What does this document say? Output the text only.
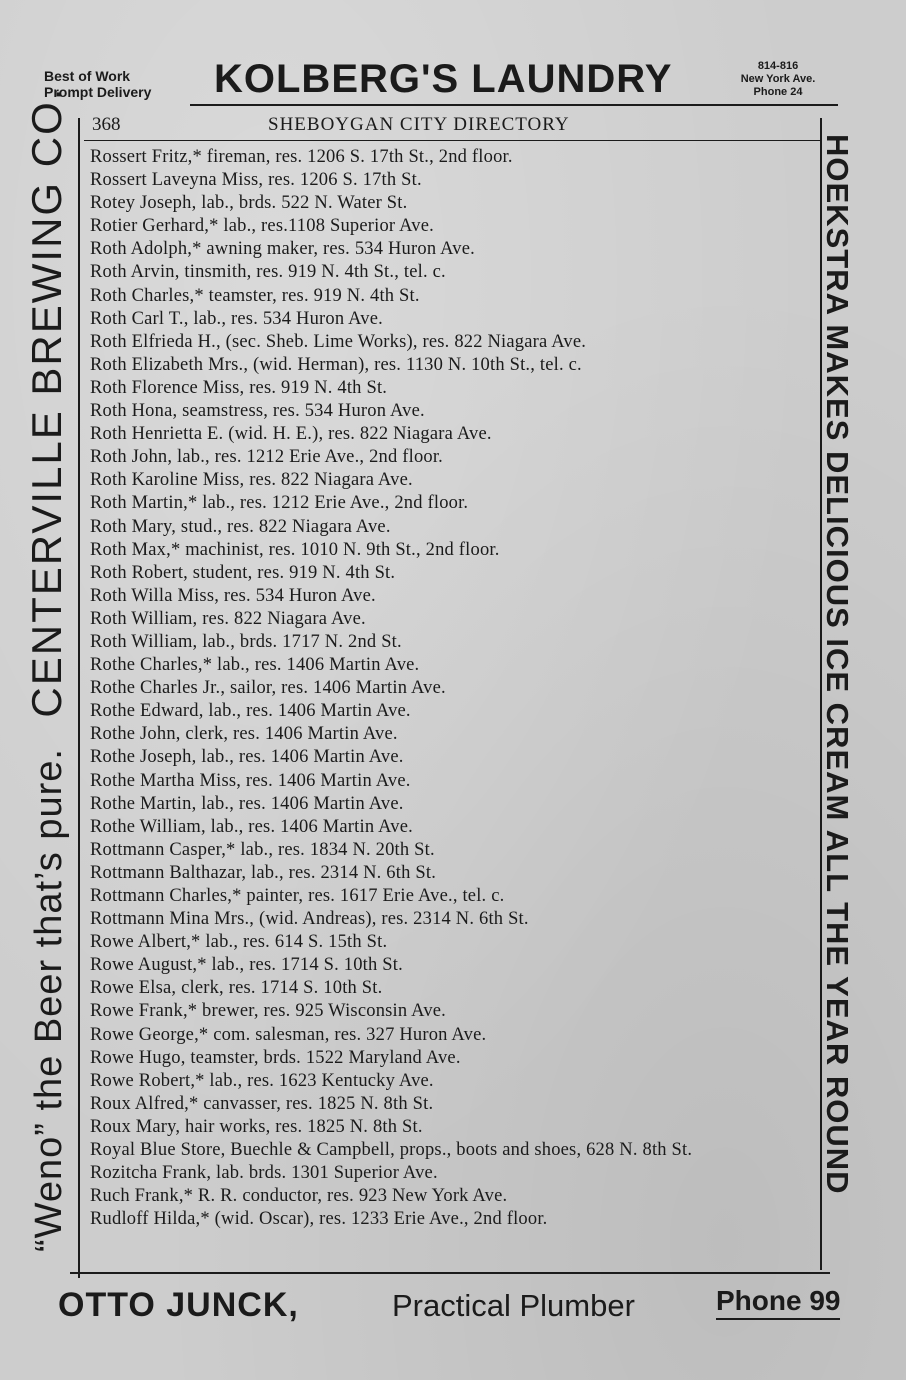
Best of Work
Prompt Delivery KOLBERG'S LAUNDRY	814-816
New York Ave.
Phone 24
368	SHEBOYGAN CITY DIRECTORY
“Weno” the Beer that’s pure. CENTERVILLE BREWING CO.	HOEKSTRA MAKES DELICIOUS ICE CREAM ALL THE YEAR ROUND
Rossert Fritz,* fireman, res. 1206 S. 17th St., 2nd floor.
Rossert Laveyna Miss, res. 1206 S. 17th St.
Rotey Joseph, lab., brds. 522 N. Water St.
Rotier Gerhard,* lab., res.1108 Superior Ave.
Roth Adolph,* awning maker, res. 534 Huron Ave.
Roth Arvin, tinsmith, res. 919 N. 4th St., tel. c.
Roth Charles,* teamster, res. 919 N. 4th St.
Roth Carl T., lab., res. 534 Huron Ave.
Roth Elfrieda H., (sec. Sheb. Lime Works), res. 822 Niagara Ave.
Roth Elizabeth Mrs., (wid. Herman), res. 1130 N. 10th St., tel. c.
Roth Florence Miss, res. 919 N. 4th St.
Roth Hona, seamstress, res. 534 Huron Ave.
Roth Henrietta E. (wid. H. E.), res. 822 Niagara Ave.
Roth John, lab., res. 1212 Erie Ave., 2nd floor.
Roth Karoline Miss, res. 822 Niagara Ave.
Roth Martin,* lab., res. 1212 Erie Ave., 2nd floor.
Roth Mary, stud., res. 822 Niagara Ave.
Roth Max,* machinist, res. 1010 N. 9th St., 2nd floor.
Roth Robert, student, res. 919 N. 4th St.
Roth Willa Miss, res. 534 Huron Ave.
Roth William, res. 822 Niagara Ave.
Roth William, lab., brds. 1717 N. 2nd St.
Rothe Charles,* lab., res. 1406 Martin Ave.
Rothe Charles Jr., sailor, res. 1406 Martin Ave.
Rothe Edward, lab., res. 1406 Martin Ave.
Rothe John, clerk, res. 1406 Martin Ave.
Rothe Joseph, lab., res. 1406 Martin Ave.
Rothe Martha Miss, res. 1406 Martin Ave.
Rothe Martin, lab., res. 1406 Martin Ave.
Rothe William, lab., res. 1406 Martin Ave.
Rottmann Casper,* lab., res. 1834 N. 20th St.
Rottmann Balthazar, lab., res. 2314 N. 6th St.
Rottmann Charles,* painter, res. 1617 Erie Ave., tel. c.
Rottmann Mina Mrs., (wid. Andreas), res. 2314 N. 6th St.
Rowe Albert,* lab., res. 614 S. 15th St.
Rowe August,* lab., res. 1714 S. 10th St.
Rowe Elsa, clerk, res. 1714 S. 10th St.
Rowe Frank,* brewer, res. 925 Wisconsin Ave.
Rowe George,* com. salesman, res. 327 Huron Ave.
Rowe Hugo, teamster, brds. 1522 Maryland Ave.
Rowe Robert,* lab., res. 1623 Kentucky Ave.
Roux Alfred,* canvasser, res. 1825 N. 8th St.
Roux Mary, hair works, res. 1825 N. 8th St.
Royal Blue Store, Buechle & Campbell, props., boots and shoes, 628 N. 8th St.
Rozitcha Frank, lab. brds. 1301 Superior Ave.
Ruch Frank,* R. R. conductor, res. 923 New York Ave.
Rudloff Hilda,* (wid. Oscar), res. 1233 Erie Ave., 2nd floor.
OTTO JUNCK,	Practical Plumber	Phone 99
